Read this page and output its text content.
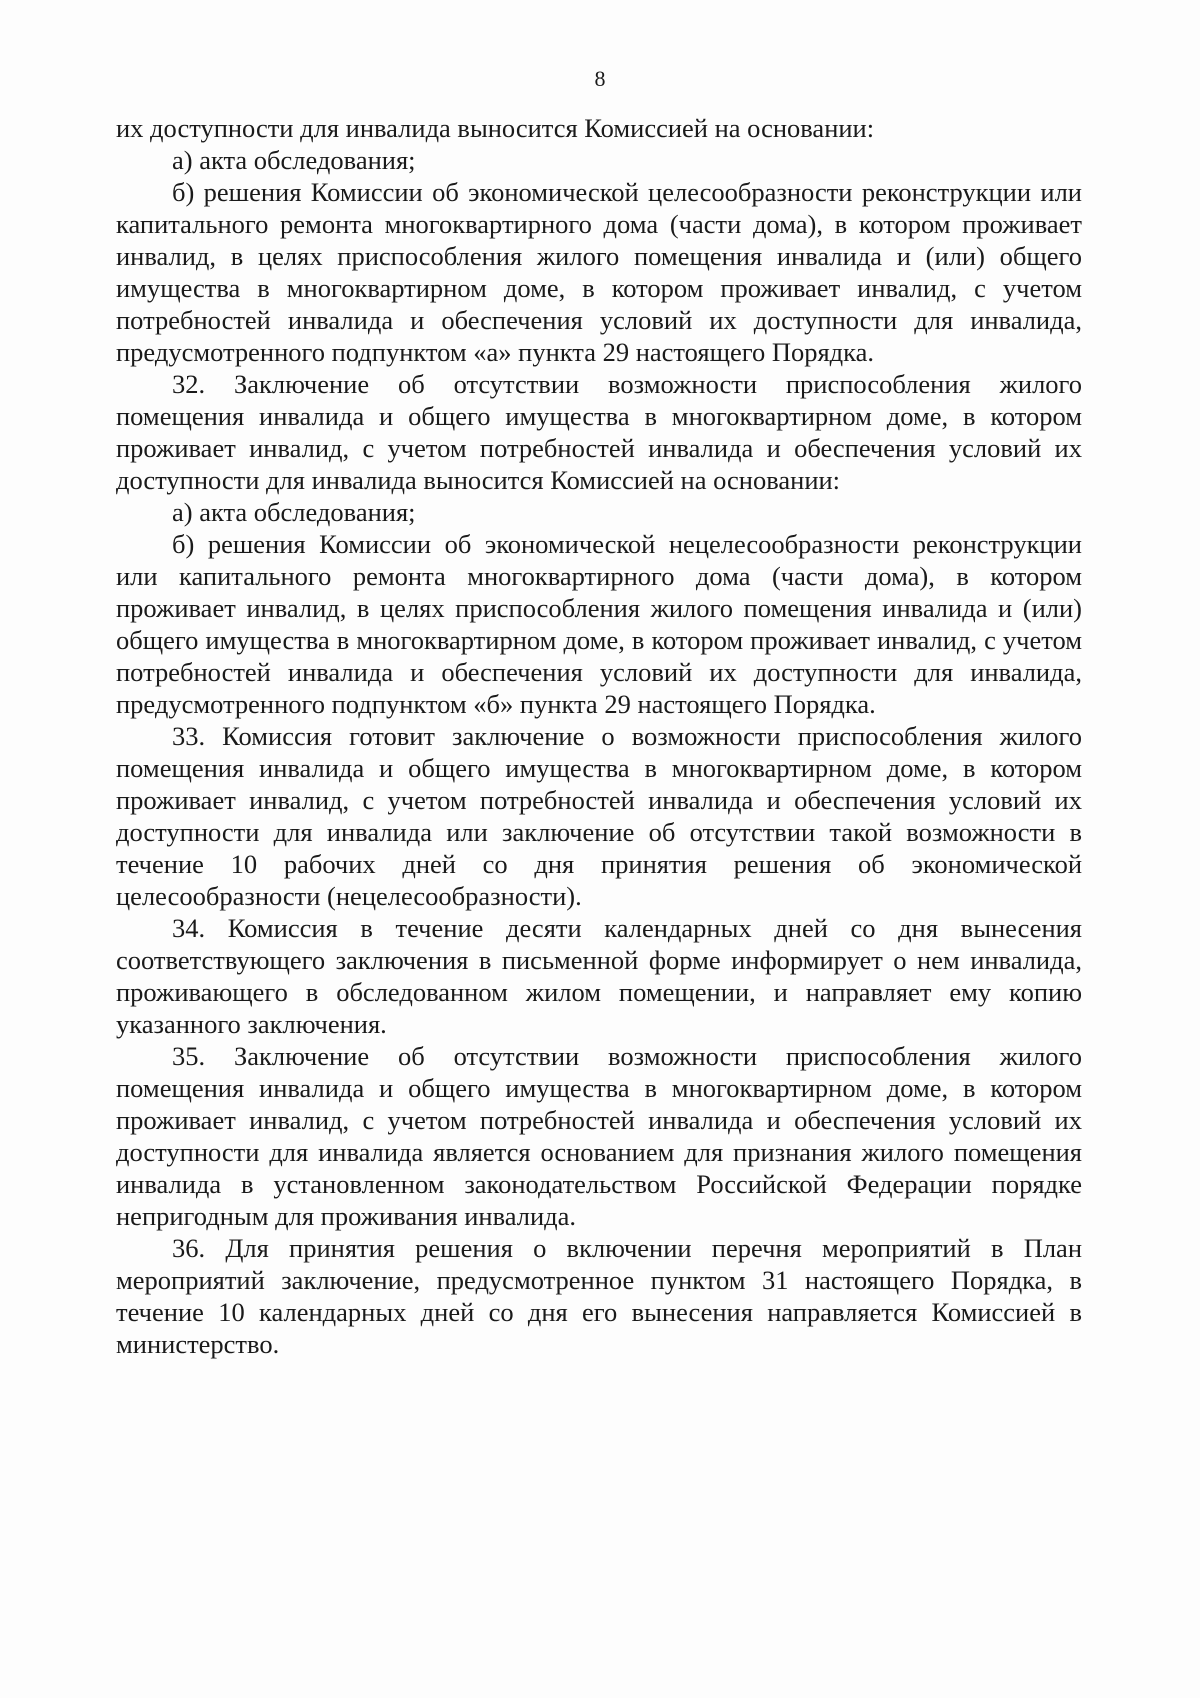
8

их доступности для инвалида выносится Комиссией на основании:

а) акта обследования;

б) решения Комиссии об экономической целесообразности реконструкции или капитального ремонта многоквартирного дома (части дома), в котором проживает инвалид, в целях приспособления жилого помещения инвалида и (или) общего имущества в многоквартирном доме, в котором проживает инвалид, с учетом потребностей инвалида и обеспечения условий их доступности для инвалида, предусмотренного подпунктом «а» пункта 29 настоящего Порядка.

32. Заключение об отсутствии возможности приспособления жилого помещения инвалида и общего имущества в многоквартирном доме, в котором проживает инвалид, с учетом потребностей инвалида и обеспечения условий их доступности для инвалида выносится Комиссией на основании:

а) акта обследования;

б) решения Комиссии об экономической нецелесообразности реконструкции или капитального ремонта многоквартирного дома (части дома), в котором проживает инвалид, в целях приспособления жилого помещения инвалида и (или) общего имущества в многоквартирном доме, в котором проживает инвалид, с учетом потребностей инвалида и обеспечения условий их доступности для инвалида, предусмотренного подпунктом «б» пункта 29 настоящего Порядка.

33. Комиссия готовит заключение о возможности приспособления жилого помещения инвалида и общего имущества в многоквартирном доме, в котором проживает инвалид, с учетом потребностей инвалида и обеспечения условий их доступности для инвалида или заключение об отсутствии такой возможности в течение 10 рабочих дней со дня принятия решения об экономической целесообразности (нецелесообразности).

34. Комиссия в течение десяти календарных дней со дня вынесения соответствующего заключения в письменной форме информирует о нем инвалида, проживающего в обследованном жилом помещении, и направляет ему копию указанного заключения.

35. Заключение об отсутствии возможности приспособления жилого помещения инвалида и общего имущества в многоквартирном доме, в котором проживает инвалид, с учетом потребностей инвалида и обеспечения условий их доступности для инвалида является основанием для признания жилого помещения инвалида в установленном законодательством Российской Федерации порядке непригодным для проживания инвалида.

36. Для принятия решения о включении перечня мероприятий в План мероприятий заключение, предусмотренное пунктом 31 настоящего Порядка, в течение 10 календарных дней со дня его вынесения направляется Комиссией в министерство.
